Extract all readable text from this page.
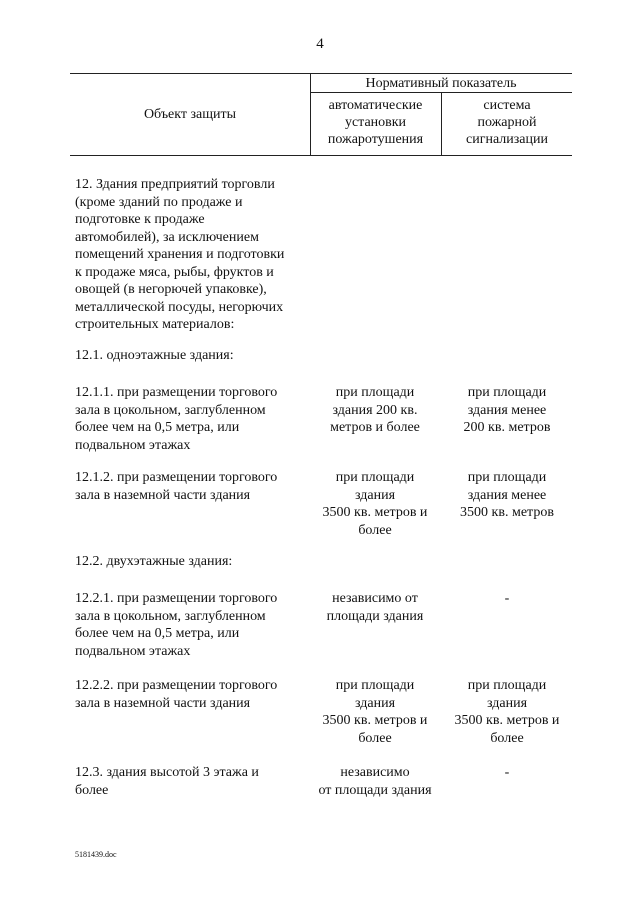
4
Объект защиты
Нормативный показатель
автоматические
установки
пожаротушения
система
пожарной
сигнализации
12. Здания предприятий торговли
(кроме зданий по продаже и
подготовке к продаже
автомобилей), за исключением
помещений хранения и подготовки
к продаже мяса, рыбы, фруктов и
овощей (в негорючей упаковке),
металлической посуды, негорючих
строительных материалов:
12.1. одноэтажные здания:
12.1.1. при размещении торгового
зала в цокольном, заглубленном
более чем на 0,5 метра, или
подвальном этажах
при площади
здания 200 кв.
метров и более
при площади
здания менее
200 кв. метров
12.1.2. при размещении торгового
зала в наземной части здания
при площади
здания
3500 кв. метров и
более
при площади
здания менее
3500 кв. метров
12.2. двухэтажные здания:
12.2.1. при размещении торгового
зала в цокольном, заглубленном
более чем на 0,5 метра, или
подвальном этажах
независимо от
площади здания
-
12.2.2. при размещении торгового
зала в наземной части здания
при площади
здания
3500 кв. метров и
более
при площади
здания
3500 кв. метров и
более
12.3. здания высотой 3 этажа и
более
независимо
от площади здания
-
5181439.doc
